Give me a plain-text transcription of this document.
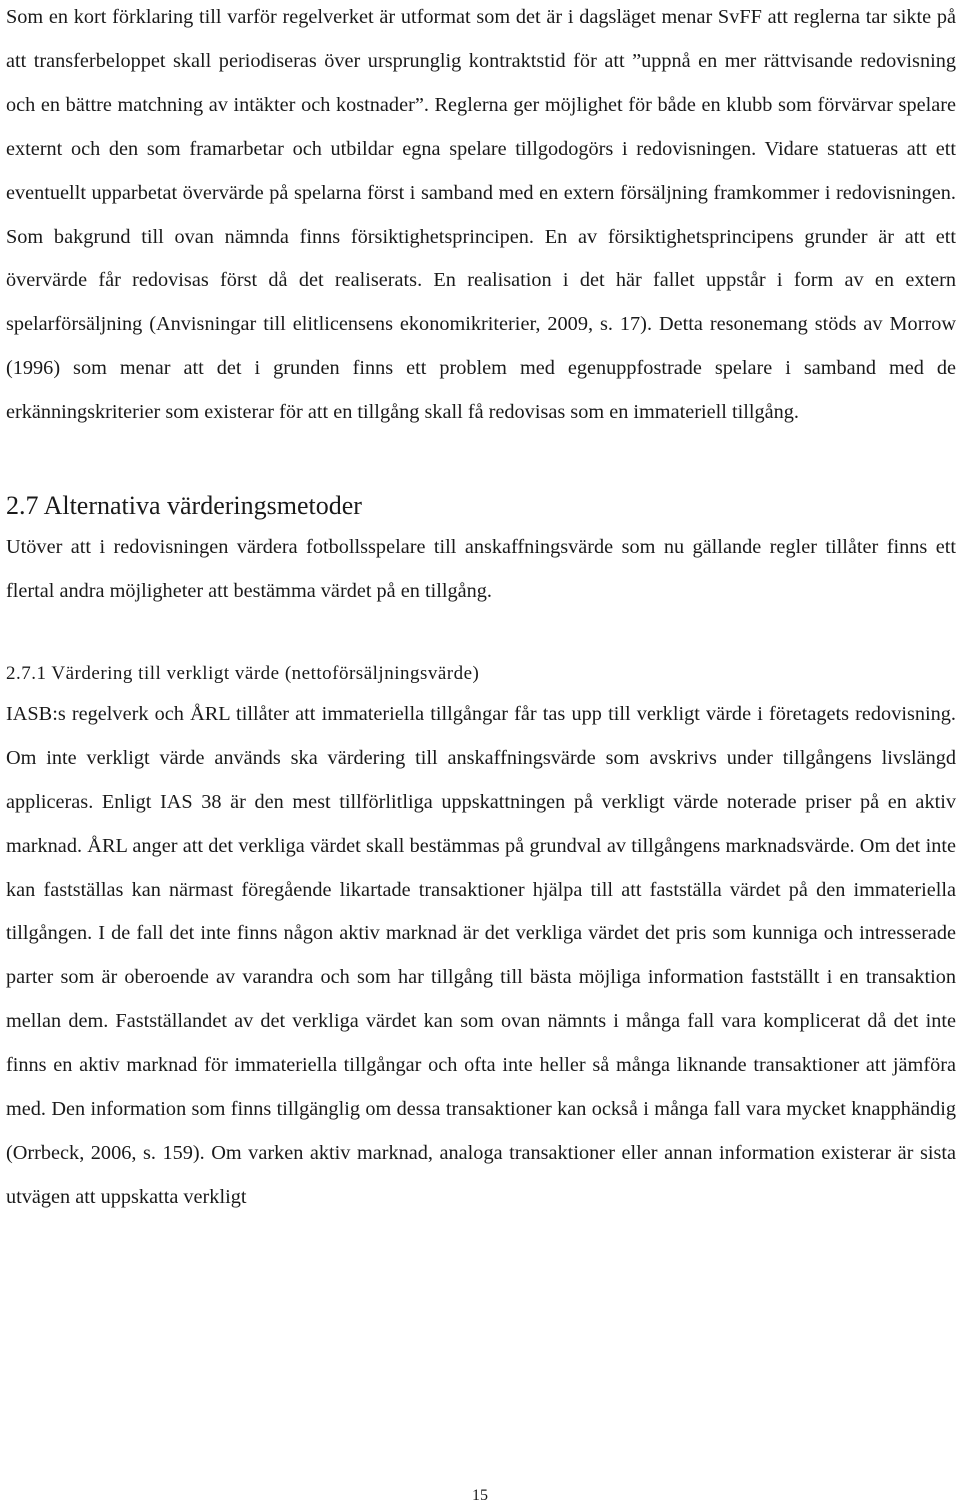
Som en kort förklaring till varför regelverket är utformat som det är i dagsläget menar SvFF att reglerna tar sikte på att transferbeloppet skall periodiseras över ursprunglig kontraktstid för att ”uppnå en mer rättvisande redovisning och en bättre matchning av intäkter och kostnader”. Reglerna ger möjlighet för både en klubb som förvärvar spelare externt och den som framarbetar och utbildar egna spelare tillgodogörs i redovisningen. Vidare statueras att ett eventuellt upparbetat övervärde på spelarna först i samband med en extern försäljning framkommer i redovisningen. Som bakgrund till ovan nämnda finns försiktighetsprincipen. En av försiktighetsprincipens grunder är att ett övervärde får redovisas först då det realiserats. En realisation i det här fallet uppstår i form av en extern spelarförsäljning (Anvisningar till elitlicensens ekonomikriterier, 2009, s. 17). Detta resonemang stöds av Morrow (1996) som menar att det i grunden finns ett problem med egenuppfostrade spelare i samband med de erkänningskriterier som existerar för att en tillgång skall få redovisas som en immateriell tillgång.

2.7 Alternativa värderingsmetoder

Utöver att i redovisningen värdera fotbollsspelare till anskaffningsvärde som nu gällande regler tillåter finns ett flertal andra möjligheter att bestämma värdet på en tillgång.

2.7.1 Värdering till verkligt värde (nettoförsäljningsvärde)

IASB:s regelverk och ÅRL tillåter att immateriella tillgångar får tas upp till verkligt värde i företagets redovisning. Om inte verkligt värde används ska värdering till anskaffningsvärde som avskrivs under tillgångens livslängd appliceras. Enligt IAS 38 är den mest tillförlitliga uppskattningen på verkligt värde noterade priser på en aktiv marknad. ÅRL anger att det verkliga värdet skall bestämmas på grundval av tillgångens marknadsvärde. Om det inte kan fastställas kan närmast föregående likartade transaktioner hjälpa till att fastställa värdet på den immateriella tillgången. I de fall det inte finns någon aktiv marknad är det verkliga värdet det pris som kunniga och intresserade parter som är oberoende av varandra och som har tillgång till bästa möjliga information fastställt i en transaktion mellan dem. Fastställandet av det verkliga värdet kan som ovan nämnts i många fall vara komplicerat då det inte finns en aktiv marknad för immateriella tillgångar och ofta inte heller så många liknande transaktioner att jämföra med. Den information som finns tillgänglig om dessa transaktioner kan också i många fall vara mycket knapphändig (Orrbeck, 2006, s. 159). Om varken aktiv marknad, analoga transaktioner eller annan information existerar är sista utvägen att uppskatta verkligt

15
